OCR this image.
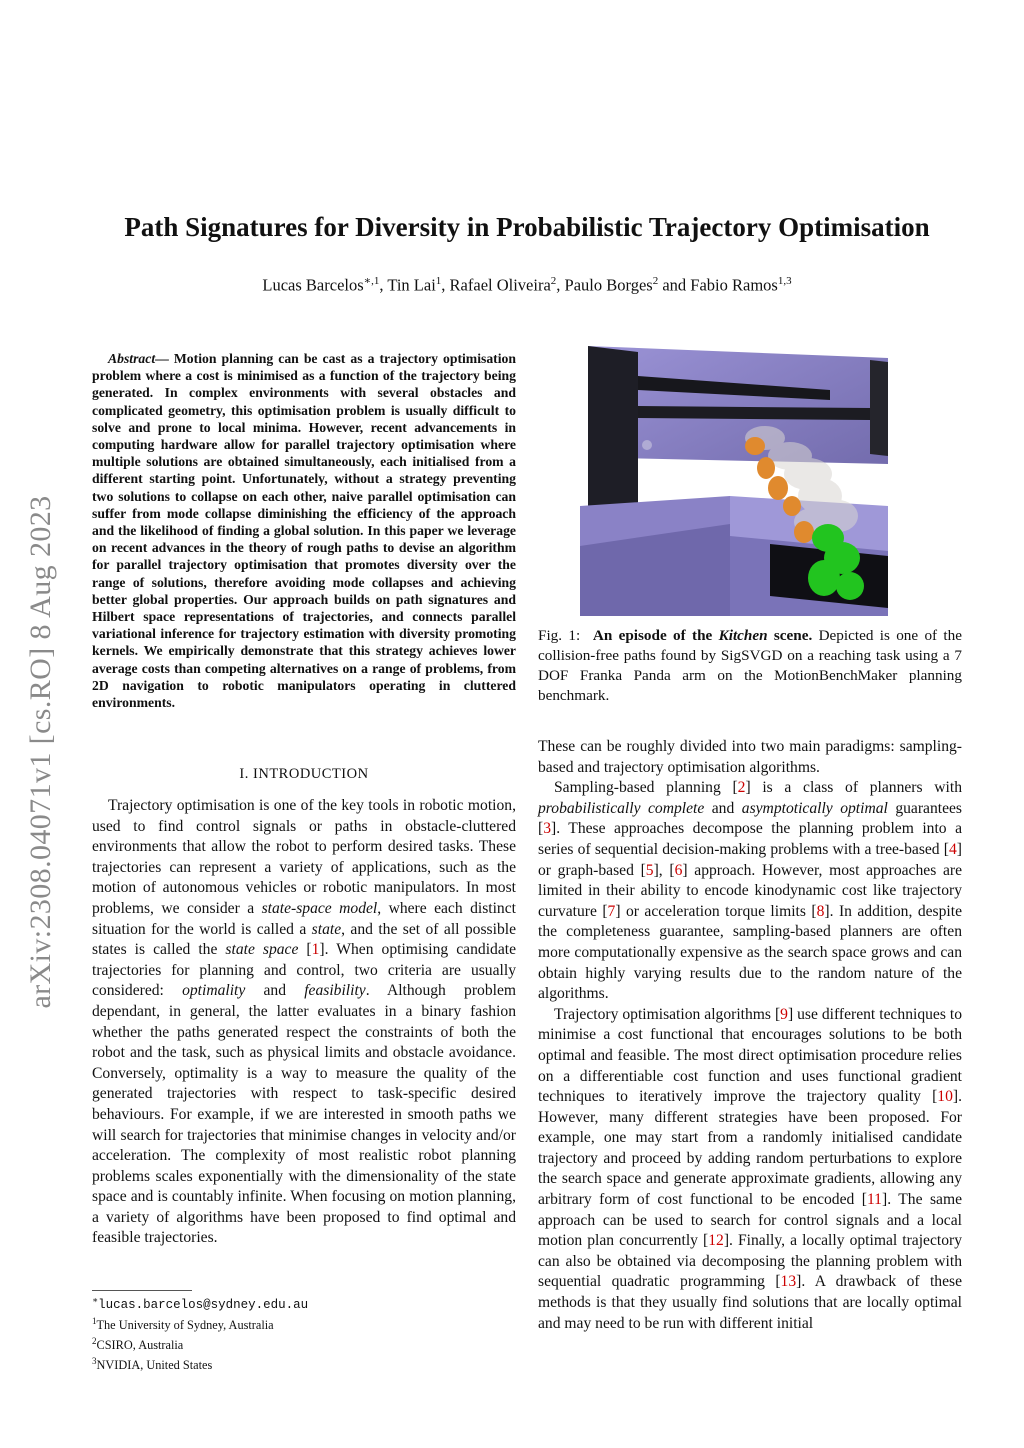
arXiv:2308.04071v1 [cs.RO] 8 Aug 2023
Path Signatures for Diversity in Probabilistic Trajectory Optimisation
Lucas Barcelos$^{∗,1}$, Tin Lai$^1$, Rafael Oliveira$^2$, Paulo Borges$^2$ and Fabio Ramos$^{1,3}$
Abstract— Motion planning can be cast as a trajectory optimisation problem where a cost is minimised as a function of the trajectory being generated. In complex environments with several obstacles and complicated geometry, this optimisation problem is usually difficult to solve and prone to local minima. However, recent advancements in computing hardware allow for parallel trajectory optimisation where multiple solutions are obtained simultaneously, each initialised from a different starting point. Unfortunately, without a strategy preventing two solutions to collapse on each other, naive parallel optimisation can suffer from mode collapse diminishing the efficiency of the approach and the likelihood of finding a global solution. In this paper we leverage on recent advances in the theory of rough paths to devise an algorithm for parallel trajectory optimisation that promotes diversity over the range of solutions, therefore avoiding mode collapses and achieving better global properties. Our approach builds on path signatures and Hilbert space representations of trajectories, and connects parallel variational inference for trajectory estimation with diversity promoting kernels. We empirically demonstrate that this strategy achieves lower average costs than competing alternatives on a range of problems, from 2D navigation to robotic manipulators operating in cluttered environments.
I. INTRODUCTION

Trajectory optimisation is one of the key tools in robotic motion, used to find control signals or paths in obstacle-cluttered environments that allow the robot to perform desired tasks. These trajectories can represent a variety of applications, such as the motion of autonomous vehicles or robotic manipulators. In most problems, we consider a state-space model, where each distinct situation for the world is called a state, and the set of all possible states is called the state space [1]. When optimising candidate trajectories for planning and control, two criteria are usually considered: optimality and feasibility. Although problem dependant, in general, the latter evaluates in a binary fashion whether the paths generated respect the constraints of both the robot and the task, such as physical limits and obstacle avoidance. Conversely, optimality is a way to measure the quality of the generated trajectories with respect to task-specific desired behaviours. For example, if we are interested in smooth paths we will search for trajectories that minimise changes in velocity and/or acceleration. The complexity of most realistic robot planning problems scales exponentially with the dimensionality of the state space and is countably infinite. When focusing on motion planning, a variety of algorithms have been proposed to find optimal and feasible trajectories.

∗lucas.barcelos@sydney.edu.au
$^1$The University of Sydney, Australia
$^2$CSIRO, Australia
$^3$NVIDIA, United States
Fig. 1: An episode of the Kitchen scene. Depicted is one of the collision-free paths found by SigSVGD on a reaching task using a 7 DOF Franka Panda arm on the MotionBenchMaker planning benchmark.

These can be roughly divided into two main paradigms: sampling-based and trajectory optimisation algorithms.

Sampling-based planning [2] is a class of planners with probabilistically complete and asymptotically optimal guarantees [3]. These approaches decompose the planning problem into a series of sequential decision-making problems with a tree-based [4] or graph-based [5], [6] approach. However, most approaches are limited in their ability to encode kinodynamic cost like trajectory curvature [7] or acceleration torque limits [8]. In addition, despite the completeness guarantee, sampling-based planners are often more computationally expensive as the search space grows and can obtain highly varying results due to the random nature of the algorithms.

Trajectory optimisation algorithms [9] use different techniques to minimise a cost functional that encourages solutions to be both optimal and feasible. The most direct optimisation procedure relies on a differentiable cost function and uses functional gradient techniques to iteratively improve the trajectory quality [10]. However, many different strategies have been proposed. For example, one may start from a randomly initialised candidate trajectory and proceed by adding random perturbations to explore the search space and generate approximate gradients, allowing any arbitrary form of cost functional to be encoded [11]. The same approach can be used to search for control signals and a local motion plan concurrently [12]. Finally, a locally optimal trajectory can also be obtained via decomposing the planning problem with sequential quadratic programming [13]. A drawback of these methods is that they usually find solutions that are locally optimal and may need to be run with different initial
